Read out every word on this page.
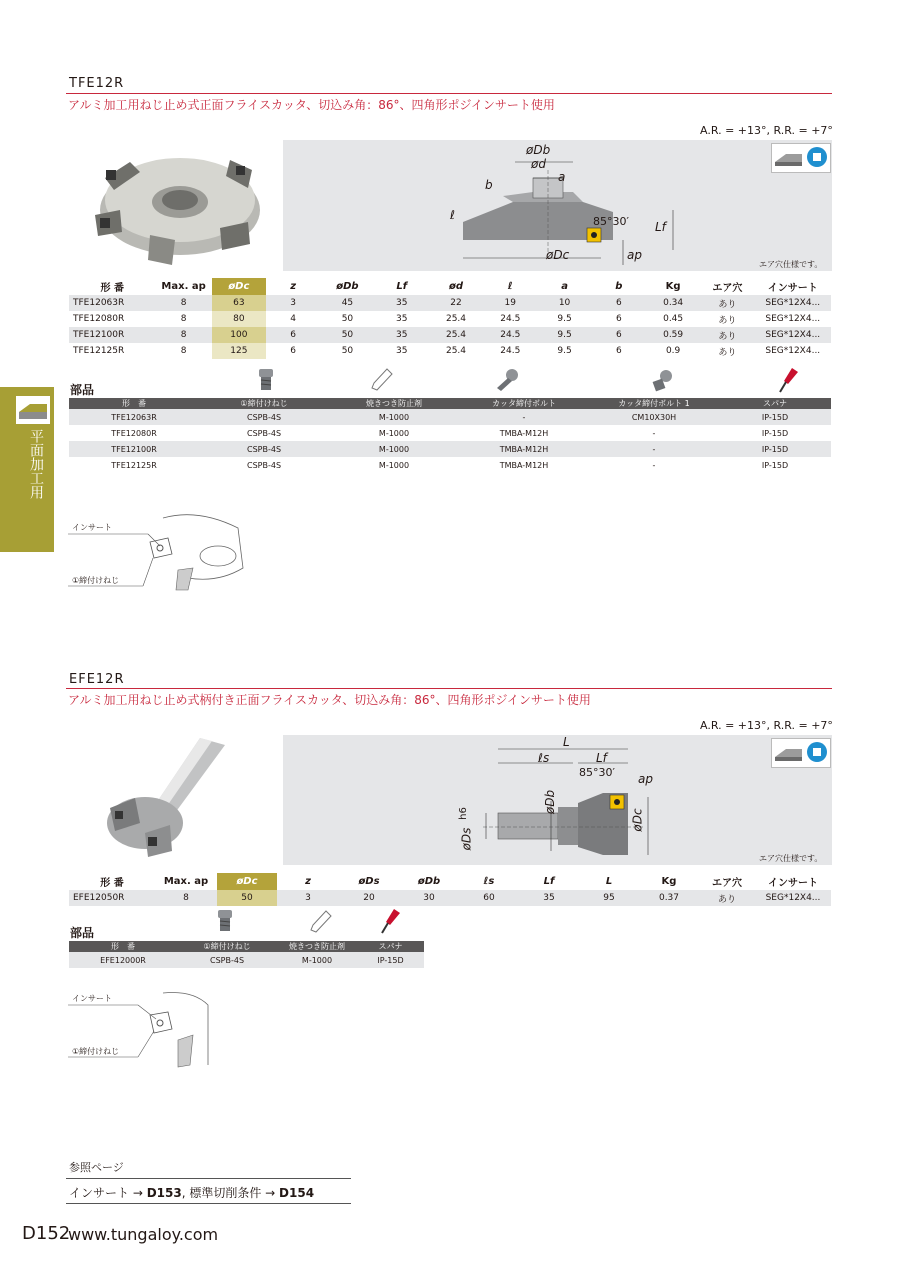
平面加工用
TFE12R
アルミ加工用ねじ止め式正面フライスカッタ、切込み角：86°、四角形ポジインサート使用
A.R. = +13°, R.R. = +7°
øDb
ød
a
b
ℓ	85°30′ Lf
øDc	ap
エア穴仕様です。
形 番	Max. ap	øDc	z	øDb	Lf	ød	ℓ	a	b	Kg	エア穴	インサート
TFE12063R	8	63	3	45	35	22	19	10	6	0.34	あり	SEG*12X4...
TFE12080R	8	80	4	50	35	25.4	24.5	9.5	6	0.45	あり	SEG*12X4...
TFE12100R	8	100	6	50	35	25.4	24.5	9.5	6	0.59	あり	SEG*12X4...
TFE12125R	8	125	6	50	35	25.4	24.5	9.5	6	0.9	あり	SEG*12X4...
部品
形　番	①締付けねじ	焼きつき防止剤	カッタ締付ボルト	カッタ締付ボルト 1	スパナ
TFE12063R	CSPB-4S	M-1000	-	CM10X30H	IP-15D
TFE12080R	CSPB-4S	M-1000	TMBA-M12H	-	IP-15D
TFE12100R	CSPB-4S	M-1000	TMBA-M12H	-	IP-15D
TFE12125R	CSPB-4S	M-1000	TMBA-M12H	-	IP-15D
インサート
①締付けねじ
EFE12R
アルミ加工用ねじ止め式柄付き正面フライスカッタ、切込み角：86°、四角形ポジインサート使用
A.R. = +13°, R.R. = +7°
L
ℓs	Lf
85°30′ ap
øDb
h6
øDs
øDc
エア穴仕様です。
形 番	Max. ap	øDc	z	øDs	øDb	ℓs	Lf	L	Kg	エア穴	インサート
EFE12050R	8	50	3	20	30	60	35	95	0.37	あり	SEG*12X4...
部品
形　番	①締付けねじ	焼きつき防止剤	スパナ
EFE12000R	CSPB-4S	M-1000	IP-15D
インサート
①締付けねじ
参照ページ
インサート → D153, 標準切削条件 → D154
D152
www.tungaloy.com
